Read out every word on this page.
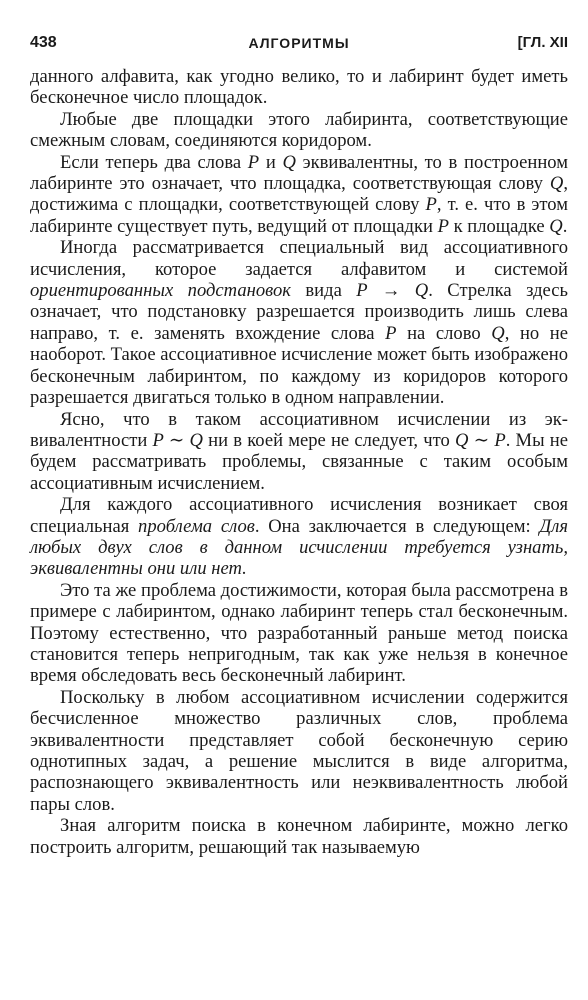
438	АЛГОРИТМЫ	[ГЛ. XII

данного алфавита, как угодно велико, то и лабиринт будет иметь бесконечное число площадок.

Любые две площадки этого лабиринта, соответствующие смежным словам, соединяются коридором.

Если теперь два слова P и Q эквивалентны, то в построенном лабиринте это означает, что площадка, соответствующая слову Q, достижима с площадки, соответствующей слову P, т. е. что в этом лабиринте существует путь, ведущий от площадки P к площадке Q.

Иногда рассматривается специальный вид ассоциативного исчисления, которое задается алфавитом и системой ориентированных подстановок вида P → Q. Стрелка здесь означает, что подстановку разрешается производить лишь слева направо, т. е. заменять вхождение слова P на слово Q, но не наоборот. Такое ассоциативное исчисление может быть изображено бесконечным лабиринтом, по каждому из коридоров которого разрешается двигаться только в одном направлении.

Ясно, что в таком ассоциативном исчислении из эквивалентности P ∼ Q ни в коей мере не следует, что Q ∼ P. Мы не будем рассматривать проблемы, связанные с таким особым ассоциативным исчислением.

Для каждого ассоциативного исчисления возникает своя специальная проблема слов. Она заключается в следующем: Для любых двух слов в данном исчислении требуется узнать, эквивалентны они или нет.

Это та же проблема достижимости, которая была рассмотрена в примере с лабиринтом, однако лабиринт теперь стал бесконечным. Поэтому естественно, что разработанный раньше метод поиска становится теперь непригодным, так как уже нельзя в конечное время обследовать весь бесконечный лабиринт.

Поскольку в любом ассоциативном исчислении содержится бесчисленное множество различных слов, проблема эквивалентности представляет собой бесконечную серию однотипных задач, а решение мыслится в виде алгоритма, распознающего эквивалентность или неэквивалентность любой пары слов.

Зная алгоритм поиска в конечном лабиринте, можно легко построить алгоритм, решающий так называемую
